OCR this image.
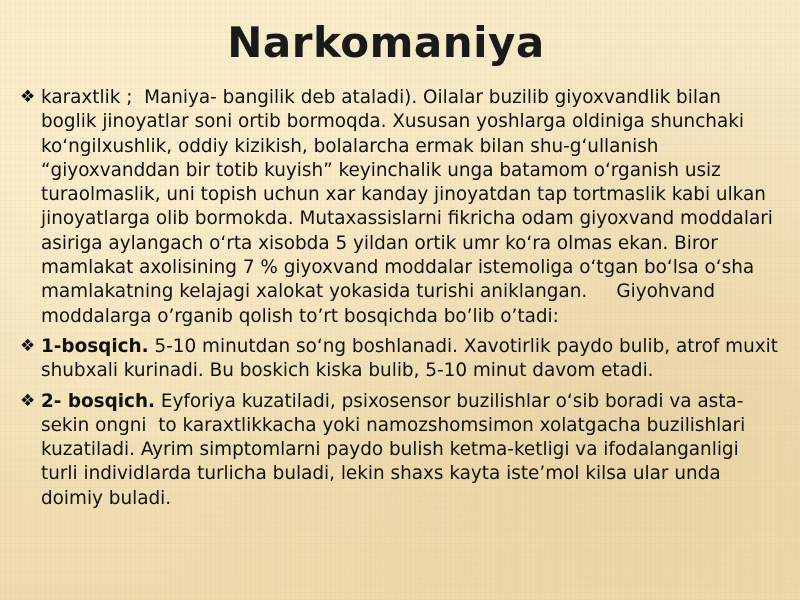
Narkomaniya

❖ karaxtlik ;  Maniya- bangilik deb ataladi). Oilalar buzilib giyoxvandlik bilan boglik jinoyatlar soni ortib bormoqda. Xususan yoshlarga oldiniga shunchaki koʻngilxushlik, oddiy kizikish, bolalarcha ermak bilan shu-gʻullanish “giyoxvanddan bir totib kuyish” keyinchalik unga batamom oʻrganish usiz turaolmaslik, uni topish uchun xar kanday jinoyatdan tap tortmaslik kabi ulkan jinoyatlarga olib bormokda. Mutaxassislarni fikricha odam giyoxvand moddalari asiriga aylangach oʻrta xisobda 5 yildan ortik umr koʻra olmas ekan. Biror mamlakat axolisining 7 % giyoxvand moddalar istemoliga oʻtgan boʻlsa oʻsha mamlakatning kelajagi xalokat yokasida turishi aniklangan.     Giyohvand moddalarga o’rganib qolish to’rt bosqichda bo’lib o’tadi:

❖ 1-bosqich. 5-10 minutdan soʻng boshlanadi. Xavotirlik paydo bulib, atrof muxit shubxali kurinadi. Bu boskich kiska bulib, 5-10 minut davom etadi.

❖ 2- bosqich. Eyforiya kuzatiladi, psixosensor buzilishlar oʻsib boradi va asta-sekin ongni  to karaxtlikkacha yoki namozshomsimon xolatgacha buzilishlari kuzatiladi. Ayrim simptomlarni paydo bulish ketma-ketligi va ifodalanganligi turli individlarda turlicha buladi, lekin shaxs kayta iste’mol kilsa ular unda doimiy buladi.
